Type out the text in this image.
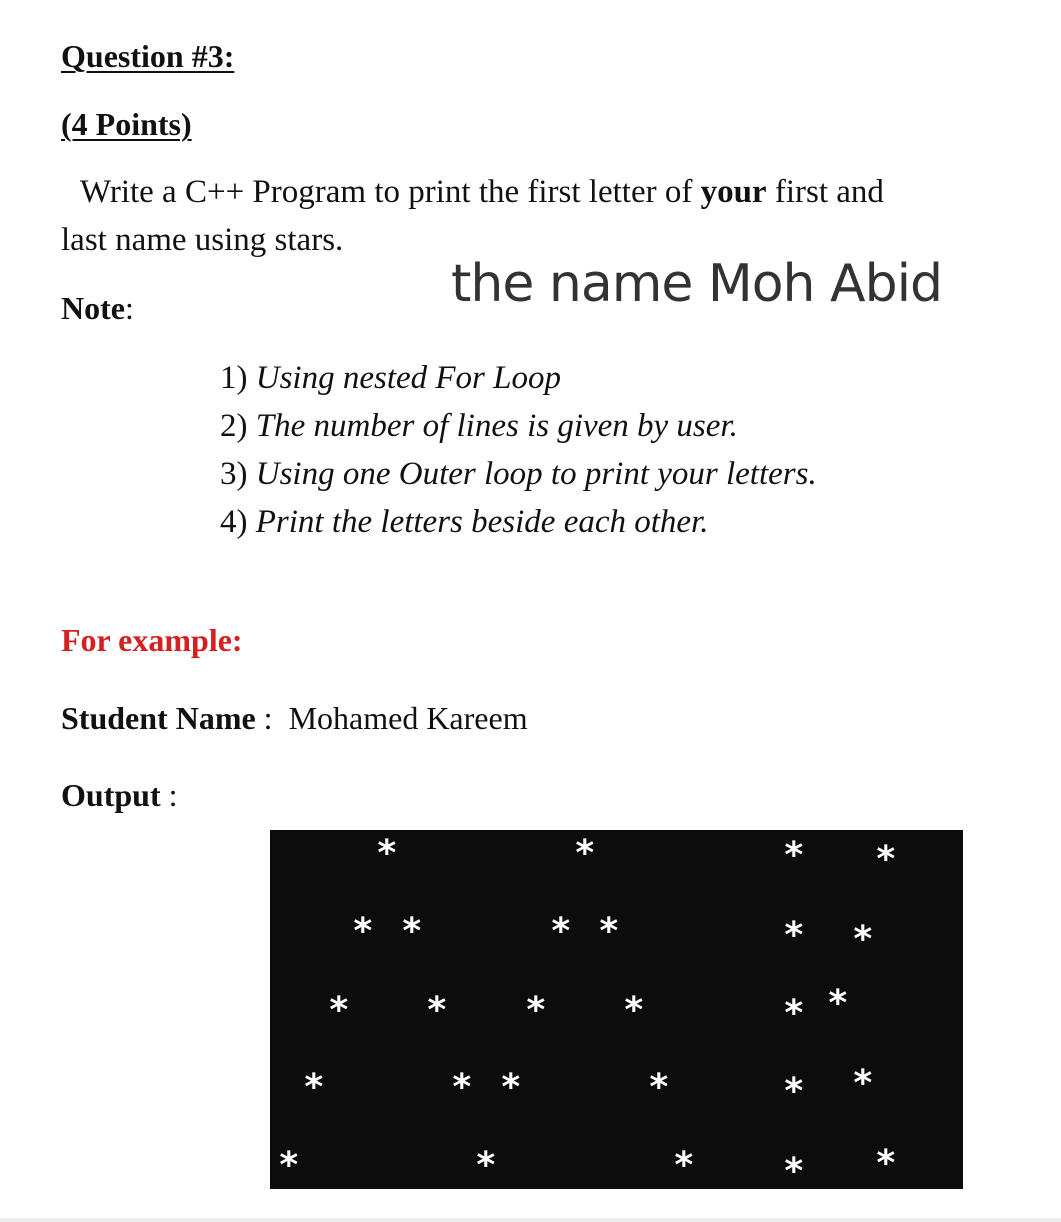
Question #3:
(4 Points)
Write a C++ Program to print the first letter of your first and
last name using stars.
the name Moh Abid
Note:
1) Using nested For Loop
2) The number of lines is given by user.
3) Using one Outer loop to print your letters.
4) Print the letters beside each other.
For example:
Student Name :  Mohamed Kareem
Output :
*	*	* *
* *	* *	* *
* * * *	* *
*	* *	*	* *
*	*	* * *
